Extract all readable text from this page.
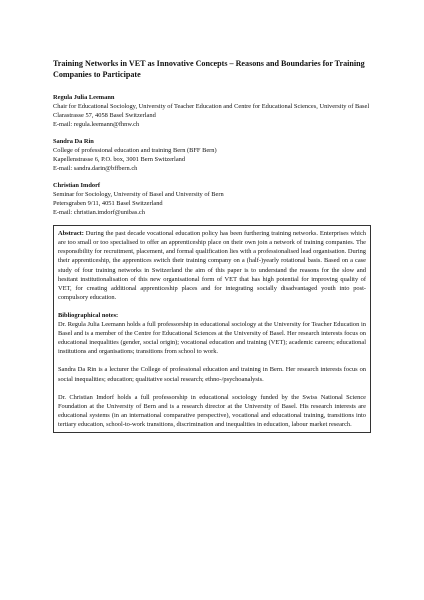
Training Networks in VET as Innovative Concepts – Reasons and Boundaries for Training Companies to Participate
Regula Julia Leemann
Chair for Educational Sociology, University of Teacher Education and Centre for Educational Sciences, University of Basel
Clarastrasse 57, 4058 Basel Switzerland
E-mail: regula.leemann@fhnw.ch
Sandra Da Rin
College of professional education and training Bern (BFF Bern)
Kapellenstrasse 6, P.O. box, 3001 Bern Switzerland
E-mail: sandra.darin@bffbern.ch
Christian Imdorf
Seminar for Sociology, University of Basel and University of Bern
Petersgraben 9/11, 4051 Basel Switzerland
E-mail: christian.imdorf@unibas.ch

Abstract: During the past decade vocational education policy has been furthering training networks. Enterprises which are too small or too specialised to offer an apprenticeship place on their own join a network of training companies. The responsibility for recruitment, placement, and formal qualification lies with a professionalised lead organisation. During their apprenticeship, the apprentices switch their training company on a (half-)yearly rotational basis. Based on a case study of four training networks in Switzerland the aim of this paper is to understand the reasons for the slow and hesitant institutionalisation of this new organisational form of VET that has high potential for improving quality of VET, for creating additional apprenticeship places and for integrating socially disadvantaged youth into post-compulsory education.

Bibliographical notes:

Dr. Regula Julia Leemann holds a full professorship in educational sociology at the University for Teacher Education in Basel and is a member of the Centre for Educational Sciences at the University of Basel. Her research interests focus on educational inequalities (gender, social origin); vocational education and training (VET); academic careers; educational institutions and organisations; transitions from school to work.

Sandra Da Rin is a lecturer the College of professional education and training in Bern. Her research interests focus on social inequalities; education; qualitative social research; ethno-/psychoanalysis.

Dr. Christian Imdorf holds a full professorship in educational sociology funded by the Swiss National Science Foundation at the University of Bern and is a research director at the University of Basel. His research interests are educational systems (in an international comparative perspective), vocational and educational training, transitions into tertiary education, school-to-work transitions, discrimination and inequalities in education, labour market research.
